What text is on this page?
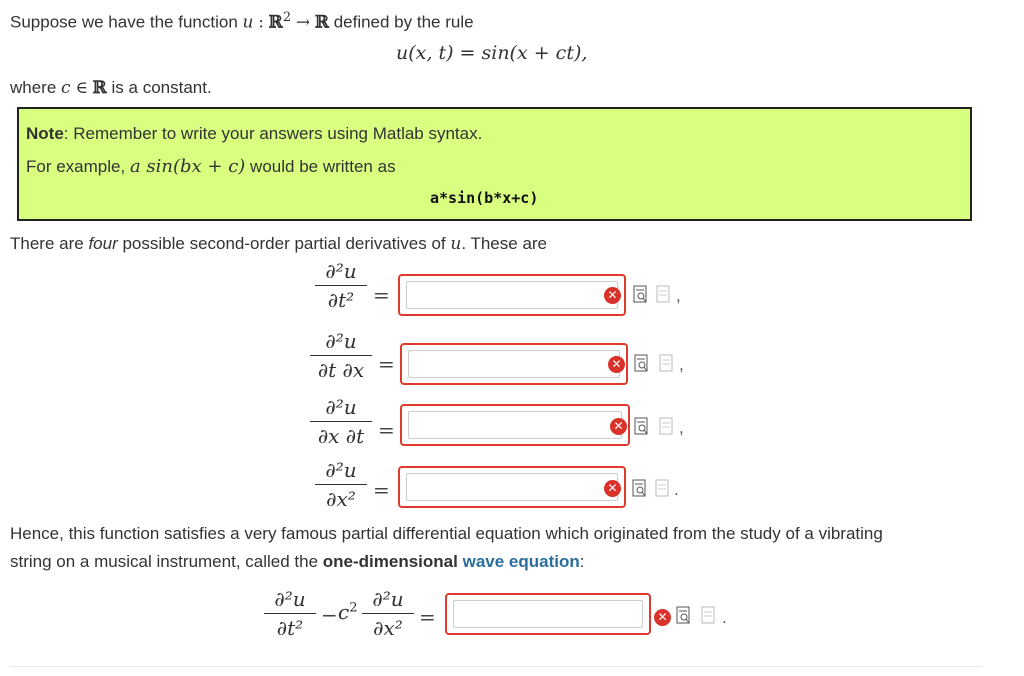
Suppose we have the function u : ℝ$^2$ → ℝ defined by the rule
u(x, t) = sin(x + ct),
where c ∈ ℝ is a constant.
Note: Remember to write your answers using Matlab syntax.
For example, a sin(bx + c) would be written as
a*sin(b*x+c)
There are four possible second-order partial derivatives of u. These are
∂²u
∂t² =	✕	,
∂²u
∂t ∂x =	✕	,
∂²u
∂x ∂t =	✕	,
∂²u
∂x² =	✕	.
Hence, this function satisfies a very famous partial differential equation which originated from the study of a vibrating
string on a musical instrument, called the one-dimensional wave equation:
∂²u
∂t²
− $c^2$ ∂²u
∂x² =	✕	.
